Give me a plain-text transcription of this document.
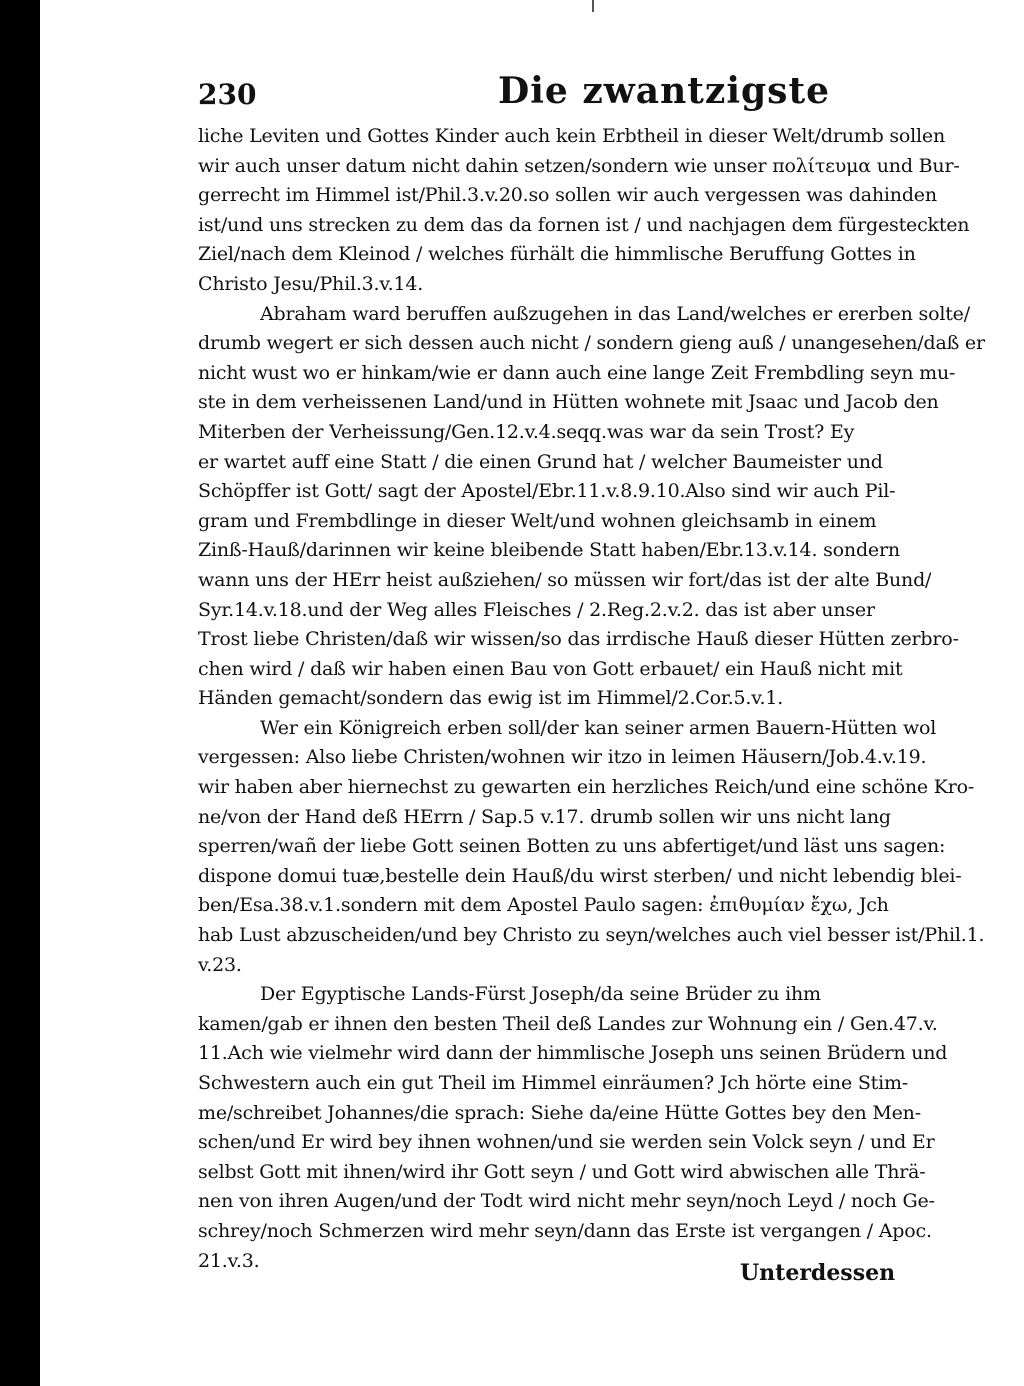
230	Die zwantzigste
liche Leviten und Gottes Kinder auch kein Erbtheil in dieser Welt/drumb sollen
wir auch unser datum nicht dahin setzen/sondern wie unser πολίτευμα und Bur-
gerrecht im Himmel ist/Phil.3.v.20.so sollen wir auch vergessen was dahinden
ist/und uns strecken zu dem das da fornen ist / und nachjagen dem fürgesteckten
Ziel/nach dem Kleinod / welches fürhält die himmlische Beruffung Gottes in
Christo Jesu/Phil.3.v.14.
Abraham ward beruffen außzugehen in das Land/welches er ererben solte/
drumb wegert er sich dessen auch nicht / sondern gieng auß / unangesehen/daß er
nicht wust wo er hinkam/wie er dann auch eine lange Zeit Frembdling seyn mu-
ste in dem verheissenen Land/und in Hütten wohnete mit Jsaac und Jacob den
Miterben der Verheissung/Gen.12.v.4.seqq.was war da sein Trost? Ey
er wartet auff eine Statt / die einen Grund hat / welcher Baumeister und
Schöpffer ist Gott/ sagt der Apostel/Ebr.11.v.8.9.10.Also sind wir auch Pil-
gram und Frembdlinge in dieser Welt/und wohnen gleichsamb in einem
Zinß-Hauß/darinnen wir keine bleibende Statt haben/Ebr.13.v.14. sondern
wann uns der HErr heist außziehen/ so müssen wir fort/das ist der alte Bund/
Syr.14.v.18.und der Weg alles Fleisches / 2.Reg.2.v.2. das ist aber unser
Trost liebe Christen/daß wir wissen/so das irrdische Hauß dieser Hütten zerbro-
chen wird / daß wir haben einen Bau von Gott erbauet/ ein Hauß nicht mit
Händen gemacht/sondern das ewig ist im Himmel/2.Cor.5.v.1.
Wer ein Königreich erben soll/der kan seiner armen Bauern-Hütten wol
vergessen: Also liebe Christen/wohnen wir itzo in leimen Häusern/Job.4.v.19.
wir haben aber hiernechst zu gewarten ein herzliches Reich/und eine schöne Kro-
ne/von der Hand deß HErrn / Sap.5 v.17. drumb sollen wir uns nicht lang
sperren/wañ der liebe Gott seinen Botten zu uns abfertiget/und läst uns sagen:
dispone domui tuæ,bestelle dein Hauß/du wirst sterben/ und nicht lebendig blei-
ben/Esa.38.v.1.sondern mit dem Apostel Paulo sagen: ἐπιθυμίαν ἔχω, Jch
hab Lust abzuscheiden/und bey Christo zu seyn/welches auch viel besser ist/Phil.1.
v.23.
Der Egyptische Lands-Fürst Joseph/da seine Brüder zu ihm
kamen/gab er ihnen den besten Theil deß Landes zur Wohnung ein / Gen.47.v.
11.Ach wie vielmehr wird dann der himmlische Joseph uns seinen Brüdern und
Schwestern auch ein gut Theil im Himmel einräumen? Jch hörte eine Stim-
me/schreibet Johannes/die sprach: Siehe da/eine Hütte Gottes bey den Men-
schen/und Er wird bey ihnen wohnen/und sie werden sein Volck seyn / und Er
selbst Gott mit ihnen/wird ihr Gott seyn / und Gott wird abwischen alle Thrä-
nen von ihren Augen/und der Todt wird nicht mehr seyn/noch Leyd / noch Ge-
schrey/noch Schmerzen wird mehr seyn/dann das Erste ist vergangen / Apoc.
21.v.3.	Unterdessen
